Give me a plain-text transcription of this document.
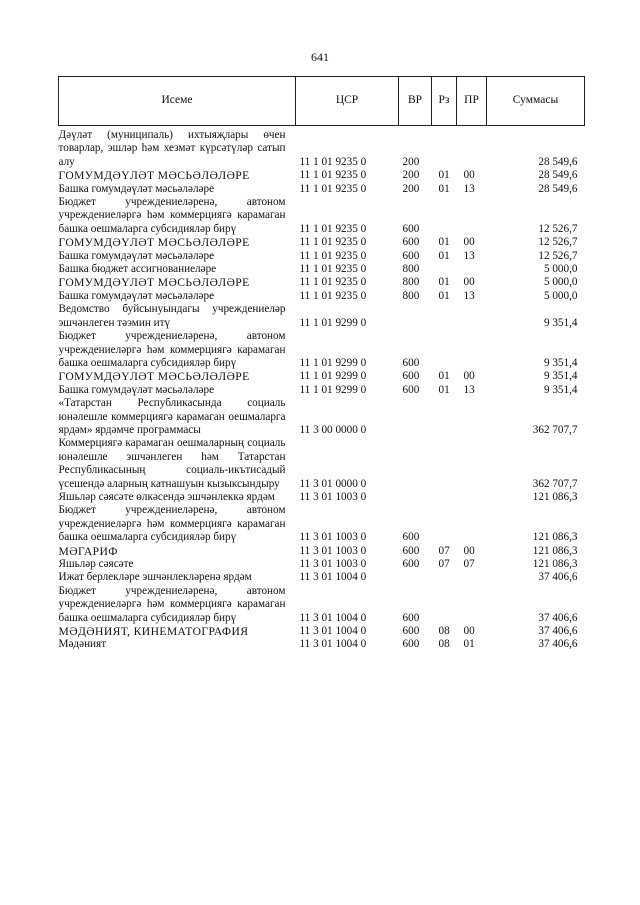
641
Исеме	ЦСР	ВР	Рз	ПР	Суммасы
Дәүләт (муниципаль) ихтыяҗлары өчен товарлар, эшләр һәм хезмәт күрсәтүләр сатып алу	11 1 01 9235 0	200			28 549,6
ГОМУМДӘҮЛӘТ МӘСЬӘЛӘЛӘРЕ	11 1 01 9235 0	200	01	00	28 549,6
Башка гомумдәүләт мәсьәләләре	11 1 01 9235 0	200	01	13	28 549,6
Бюджет учреждениеләренә, автоном учреждениеләргә һәм коммерциягә карамаган башка оешмаларга субсидияләр бирү	11 1 01 9235 0	600			12 526,7
ГОМУМДӘҮЛӘТ МӘСЬӘЛӘЛӘРЕ	11 1 01 9235 0	600	01	00	12 526,7
Башка гомумдәүләт мәсьәләләре	11 1 01 9235 0	600	01	13	12 526,7
Башка бюджет ассигнованиеләре	11 1 01 9235 0	800			5 000,0
ГОМУМДӘҮЛӘТ МӘСЬӘЛӘЛӘРЕ	11 1 01 9235 0	800	01	00	5 000,0
Башка гомумдәүләт мәсьәләләре	11 1 01 9235 0	800	01	13	5 000,0
Ведомство буйсынуындагы учреждениеләр эшчәнлеген тәэмин итү	11 1 01 9299 0				9 351,4
Бюджет учреждениеләренә, автоном учреждениеләргә һәм коммерциягә карамаган башка оешмаларга субсидияләр бирү	11 1 01 9299 0	600			9 351,4
ГОМУМДӘҮЛӘТ МӘСЬӘЛӘЛӘРЕ	11 1 01 9299 0	600	01	00	9 351,4
Башка гомумдәүләт мәсьәләләре	11 1 01 9299 0	600	01	13	9 351,4
«Татарстан Республикасында социаль юнәлешле коммерциягә карамаган оешмаларга ярдәм» ярдәмче программасы	11 3 00 0000 0				362 707,7
Коммерциягә карамаган оешмаларның социаль юнәлешле эшчәнлеген һәм Татарстан Республикасының социаль-икътисадый үсешендә аларның катнашуын кызыксындыру	11 3 01 0000 0				362 707,7
Яшьләр сәясәте өлкәсендә эшчәнлеккә ярдәм	11 3 01 1003 0				121 086,3
Бюджет учреждениеләренә, автоном учреждениеләргә һәм коммерциягә карамаган башка оешмаларга субсидияләр бирү	11 3 01 1003 0	600			121 086,3
МӘГАРИФ	11 3 01 1003 0	600	07	00	121 086,3
Яшьләр сәясәте	11 3 01 1003 0	600	07	07	121 086,3
Ижат берлекләре эшчәнлекләренә ярдәм	11 3 01 1004 0				37 406,6
Бюджет учреждениеләренә, автоном учреждениеләргә һәм коммерциягә карамаган башка оешмаларга субсидияләр бирү	11 3 01 1004 0	600			37 406,6
МӘДӘНИЯТ, КИНЕМАТОГРАФИЯ	11 3 01 1004 0	600	08	00	37 406,6
Мәдәният	11 3 01 1004 0	600	08	01	37 406,6
